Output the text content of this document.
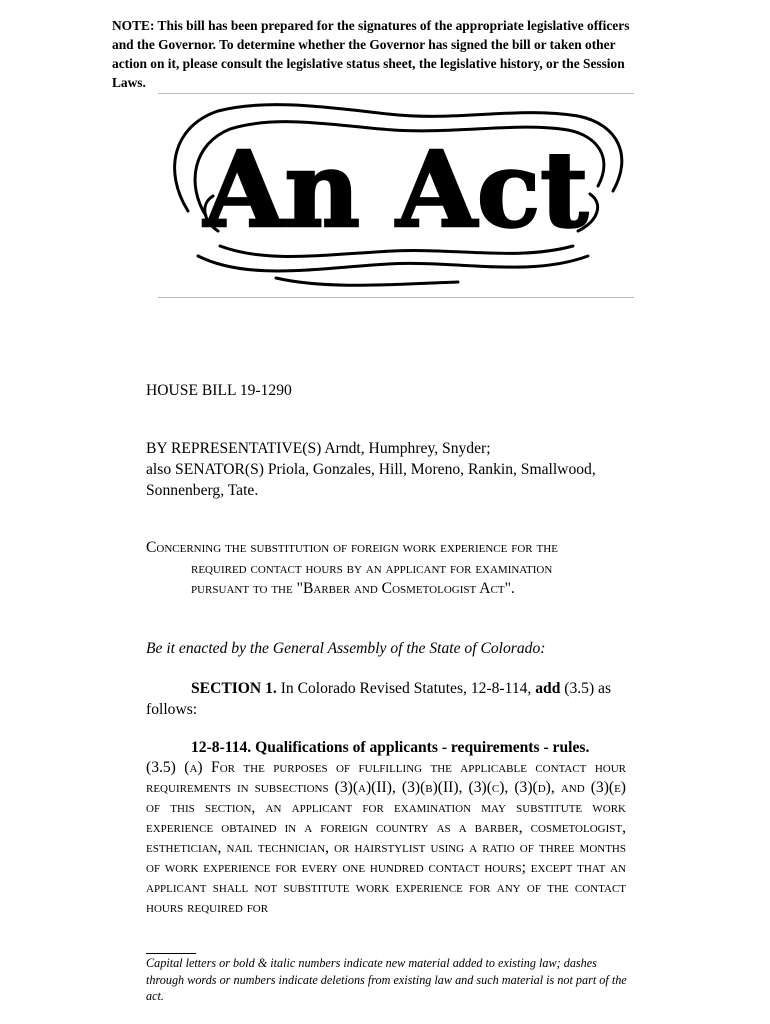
NOTE: This bill has been prepared for the signatures of the appropriate legislative officers and the Governor. To determine whether the Governor has signed the bill or taken other action on it, please consult the legislative status sheet, the legislative history, or the Session Laws.
An Act
HOUSE BILL 19-1290
BY REPRESENTATIVE(S) Arndt, Humphrey, Snyder;
also SENATOR(S) Priola, Gonzales, Hill, Moreno, Rankin, Smallwood,
Sonnenberg, Tate.
Concerning the substitution of foreign work experience for the
required contact hours by an applicant for examination
pursuant to the "Barber and Cosmetologist Act".
Be it enacted by the General Assembly of the State of Colorado:
SECTION 1. In Colorado Revised Statutes, 12-8-114, add (3.5) as follows:
12-8-114. Qualifications of applicants - requirements - rules.
(3.5) (a) For the purposes of fulfilling the applicable contact hour
requirements in subsections (3)(a)(II), (3)(b)(II), (3)(c), (3)(d), and (3)(e) of this section, an applicant for examination may substitute work experience obtained in a foreign country as a barber, cosmetologist, esthetician, nail technician, or hairstylist using a ratio of three months of work experience for every one hundred contact hours; except that an applicant shall not substitute work experience for any of the contact hours required for
Capital letters or bold & italic numbers indicate new material added to existing law; dashes through words or numbers indicate deletions from existing law and such material is not part of the act.
